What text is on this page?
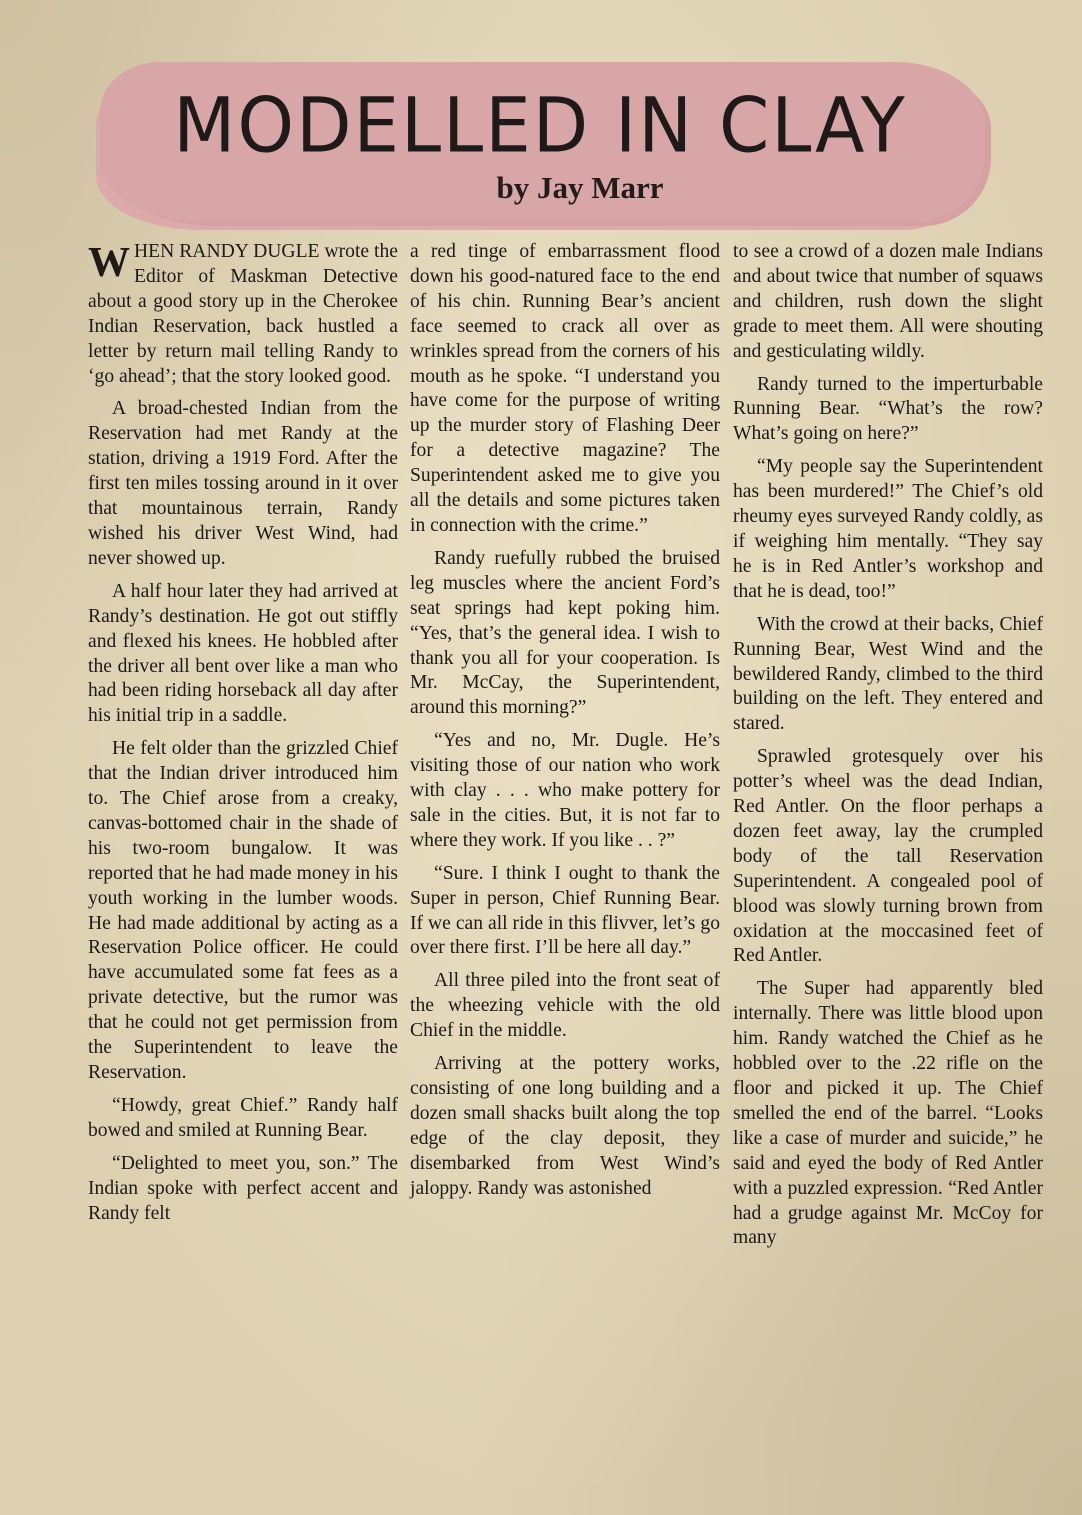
MODELLED IN CLAY
by Jay Marr

WHEN RANDY DUGLE wrote the Editor of Maskman Detective about a good story up in the Cherokee Indian Reservation, back hustled a letter by return mail telling Randy to ‘go ahead’; that the story looked good.

A broad-chested Indian from the Reservation had met Randy at the station, driving a 1919 Ford. After the first ten miles tossing around in it over that mountainous terrain, Randy wished his driver West Wind, had never showed up.

A half hour later they had arrived at Randy’s destination. He got out stiffly and flexed his knees. He hobbled after the driver all bent over like a man who had been riding horseback all day after his initial trip in a saddle.

He felt older than the grizzled Chief that the Indian driver introduced him to. The Chief arose from a creaky, canvas-bottomed chair in the shade of his two-room bungalow. It was reported that he had made money in his youth working in the lumber woods. He had made additional by acting as a Reservation Police officer. He could have accumulated some fat fees as a private detective, but the rumor was that he could not get permission from the Superintendent to leave the Reservation.

“Howdy, great Chief.” Randy half bowed and smiled at Running Bear.

“Delighted to meet you, son.” The Indian spoke with perfect accent and Randy felt

a red tinge of embarrassment flood down his good-natured face to the end of his chin. Running Bear’s ancient face seemed to crack all over as wrinkles spread from the corners of his mouth as he spoke. “I understand you have come for the purpose of writing up the murder story of Flashing Deer for a detective magazine? The Superintendent asked me to give you all the details and some pictures taken in connection with the crime.”

Randy ruefully rubbed the bruised leg muscles where the ancient Ford’s seat springs had kept poking him. “Yes, that’s the general idea. I wish to thank you all for your cooperation. Is Mr. McCay, the Superintendent, around this morning?”

“Yes and no, Mr. Dugle. He’s visiting those of our nation who work with clay . . . who make pottery for sale in the cities. But, it is not far to where they work. If you like . . ?”

“Sure. I think I ought to thank the Super in person, Chief Running Bear. If we can all ride in this flivver, let’s go over there first. I’ll be here all day.”

All three piled into the front seat of the wheezing vehicle with the old Chief in the middle.

Arriving at the pottery works, consisting of one long building and a dozen small shacks built along the top edge of the clay deposit, they disembarked from West Wind’s jaloppy. Randy was astonished

to see a crowd of a dozen male Indians and about twice that number of squaws and children, rush down the slight grade to meet them. All were shouting and gesticulating wildly.

Randy turned to the imperturbable Running Bear. “What’s the row? What’s going on here?”

“My people say the Superintendent has been murdered!” The Chief’s old rheumy eyes surveyed Randy coldly, as if weighing him mentally. “They say he is in Red Antler’s workshop and that he is dead, too!”

With the crowd at their backs, Chief Running Bear, West Wind and the bewildered Randy, climbed to the third building on the left. They entered and stared.

Sprawled grotesquely over his potter’s wheel was the dead Indian, Red Antler. On the floor perhaps a dozen feet away, lay the crumpled body of the tall Reservation Superintendent. A congealed pool of blood was slowly turning brown from oxidation at the moccasined feet of Red Antler.

The Super had apparently bled internally. There was little blood upon him. Randy watched the Chief as he hobbled over to the .22 rifle on the floor and picked it up. The Chief smelled the end of the barrel. “Looks like a case of murder and suicide,” he said and eyed the body of Red Antler with a puzzled expression. “Red Antler had a grudge against Mr. McCoy for many
